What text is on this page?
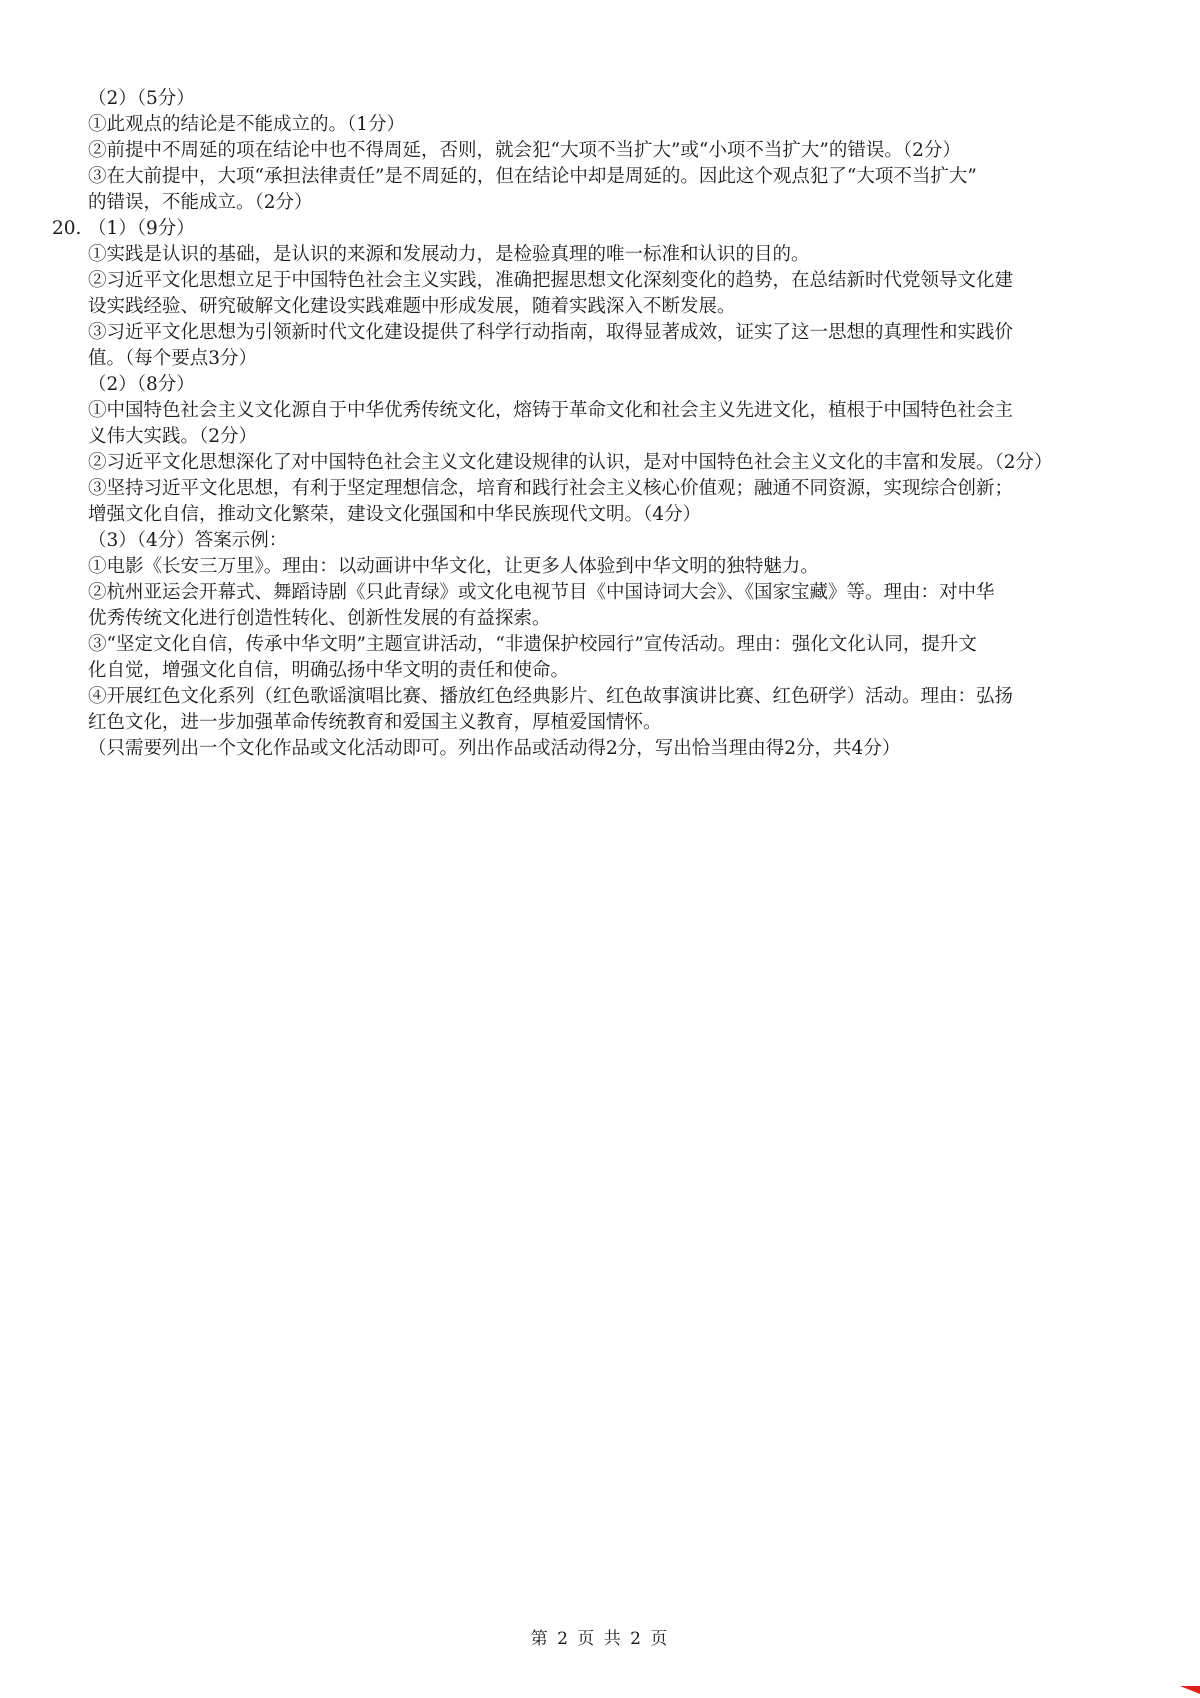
（2）（5分）
①此观点的结论是不能成立的。（1分）
②前提中不周延的项在结论中也不得周延，否则，就会犯“大项不当扩大”或“小项不当扩大”的错误。（2分）
③在大前提中，大项“承担法律责任”是不周延的，但在结论中却是周延的。因此这个观点犯了“大项不当扩大”
的错误，不能成立。（2分）
20. （1）（9分）
①实践是认识的基础，是认识的来源和发展动力，是检验真理的唯一标准和认识的目的。
②习近平文化思想立足于中国特色社会主义实践，准确把握思想文化深刻变化的趋势，在总结新时代党领导文化建
设实践经验、研究破解文化建设实践难题中形成发展，随着实践深入不断发展。
③习近平文化思想为引领新时代文化建设提供了科学行动指南，取得显著成效，证实了这一思想的真理性和实践价
值。（每个要点3分）
（2）（8分）
①中国特色社会主义文化源自于中华优秀传统文化，熔铸于革命文化和社会主义先进文化，植根于中国特色社会主
义伟大实践。（2分）
②习近平文化思想深化了对中国特色社会主义文化建设规律的认识，是对中国特色社会主义文化的丰富和发展。（2分）
③坚持习近平文化思想，有利于坚定理想信念，培育和践行社会主义核心价值观；融通不同资源，实现综合创新；
增强文化自信，推动文化繁荣，建设文化强国和中华民族现代文明。（4分）
（3）（4分）答案示例：
①电影《长安三万里》。理由：以动画讲中华文化，让更多人体验到中华文明的独特魅力。
②杭州亚运会开幕式、舞蹈诗剧《只此青绿》或文化电视节目《中国诗词大会》、《国家宝藏》等。理由：对中华
优秀传统文化进行创造性转化、创新性发展的有益探索。
③“坚定文化自信，传承中华文明”主题宣讲活动，“非遗保护校园行”宣传活动。理由：强化文化认同，提升文
化自觉，增强文化自信，明确弘扬中华文明的责任和使命。
④开展红色文化系列（红色歌谣演唱比赛、播放红色经典影片、红色故事演讲比赛、红色研学）活动。理由：弘扬
红色文化，进一步加强革命传统教育和爱国主义教育，厚植爱国情怀。
（只需要列出一个文化作品或文化活动即可。列出作品或活动得2分，写出恰当理由得2分，共4分）
第 2 页 共 2 页
